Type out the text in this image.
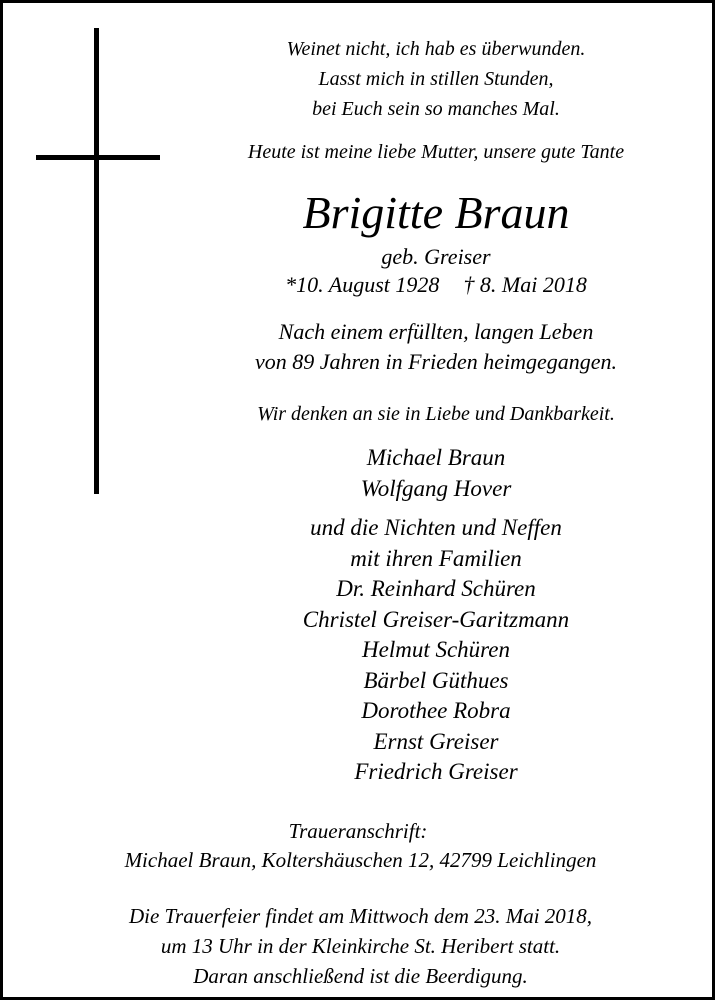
Weinet nicht, ich hab es überwunden.
Lasst mich in stillen Stunden,
bei Euch sein so manches Mal.

Heute ist meine liebe Mutter, unsere gute Tante

Brigitte Braun

geb. Greiser

*10. August 1928 † 8. Mai 2018

Nach einem erfüllten, langen Leben
von 89 Jahren in Frieden heimgegangen.

Wir denken an sie in Liebe und Dankbarkeit.

Michael Braun
Wolfgang Hover
und die Nichten und Neffen
mit ihren Familien
Dr. Reinhard Schüren
Christel Greiser-Garitzmann
Helmut Schüren
Bärbel Güthues
Dorothee Robra
Ernst Greiser
Friedrich Greiser

Traueranschrift:

Michael Braun, Koltershäuschen 12, 42799 Leichlingen

Die Trauerfeier findet am Mittwoch dem 23. Mai 2018,
um 13 Uhr in der Kleinkirche St. Heribert statt.
Daran anschließend ist die Beerdigung.
